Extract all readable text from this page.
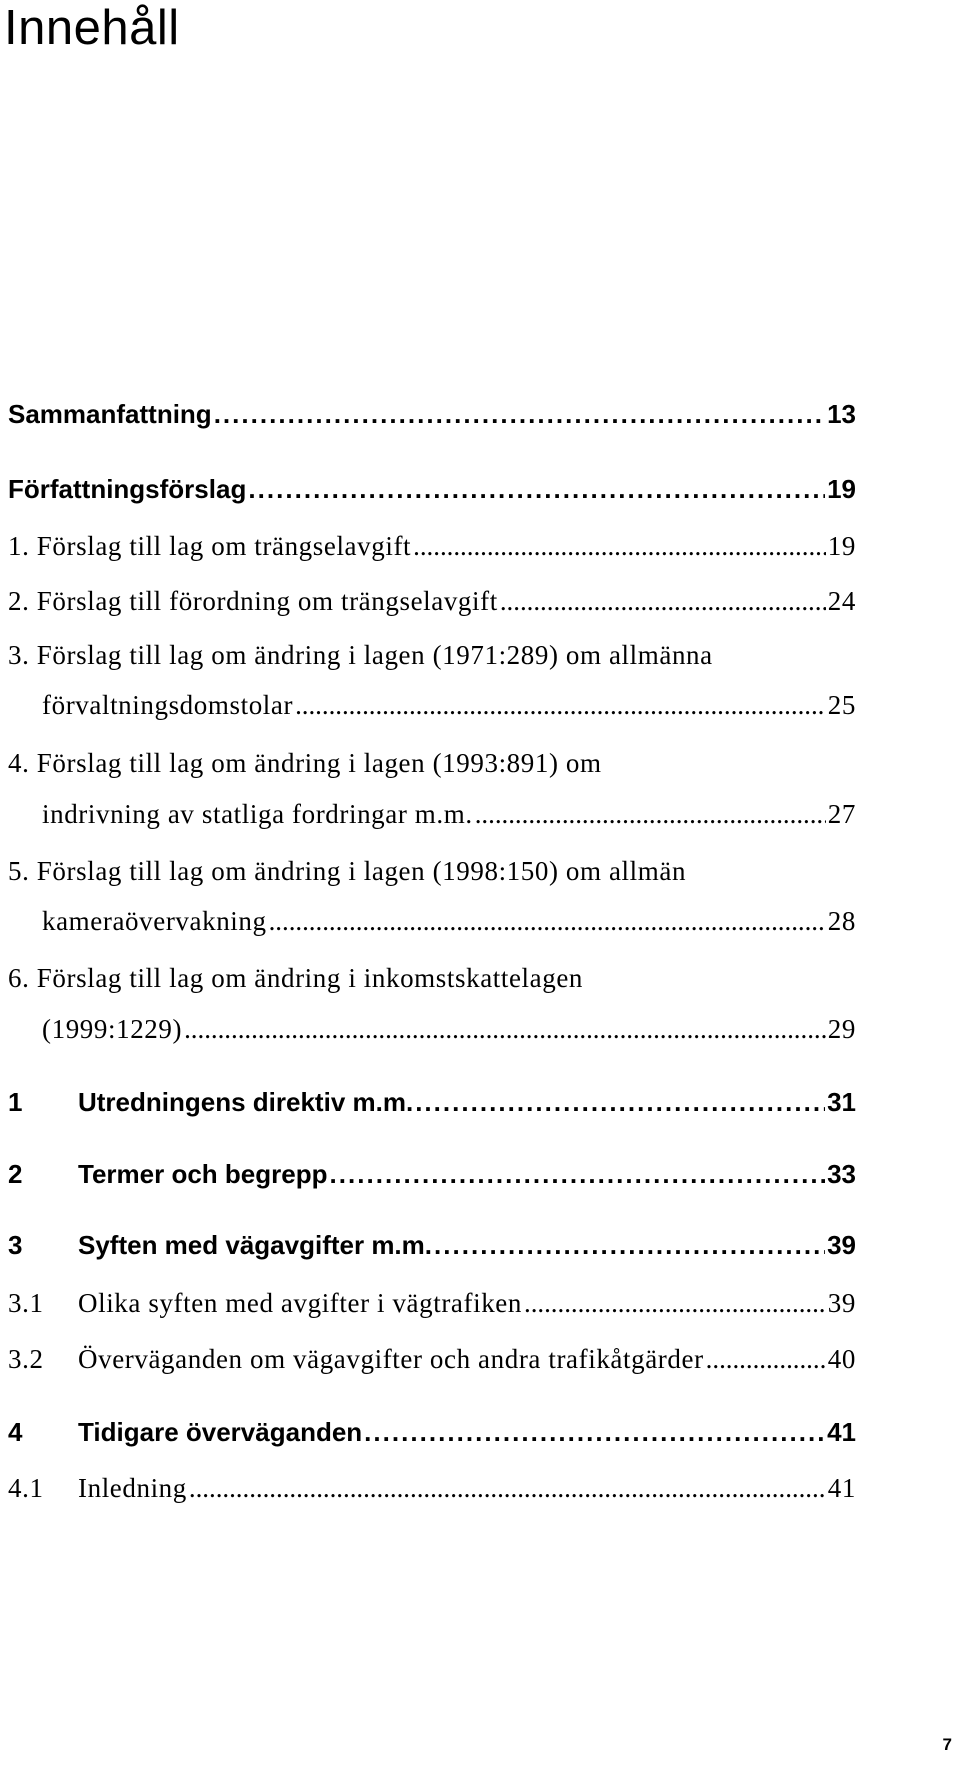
Innehåll
Sammanfattning . . .	13
Författningsförslag . . .	19
1. Förslag till lag om trängselavgift . . .	19
2. Förslag till förordning om trängselavgift . . .	24
3. Förslag till lag om ändring i lagen (1971:289) om allmänna
förvaltningsdomstolar . . .	25
4. Förslag till lag om ändring i lagen (1993:891) om
indrivning av statliga fordringar m.m. . . .	27
5. Förslag till lag om ändring i lagen (1998:150) om allmän
kameraövervakning . . .	28
6. Förslag till lag om ändring i inkomstskattelagen
(1999:1229) . . .	29
1	Utredningens direktiv m.m. . . .	31
2	Termer och begrepp . . .	33
3	Syften med vägavgifter m.m. . . .	39
3.1	Olika syften med avgifter i vägtrafiken . . .	39
3.2	Överväganden om vägavgifter och andra trafikåtgärder . . .	40
4	Tidigare överväganden . . .	41
4.1	Inledning . . .	41
7
